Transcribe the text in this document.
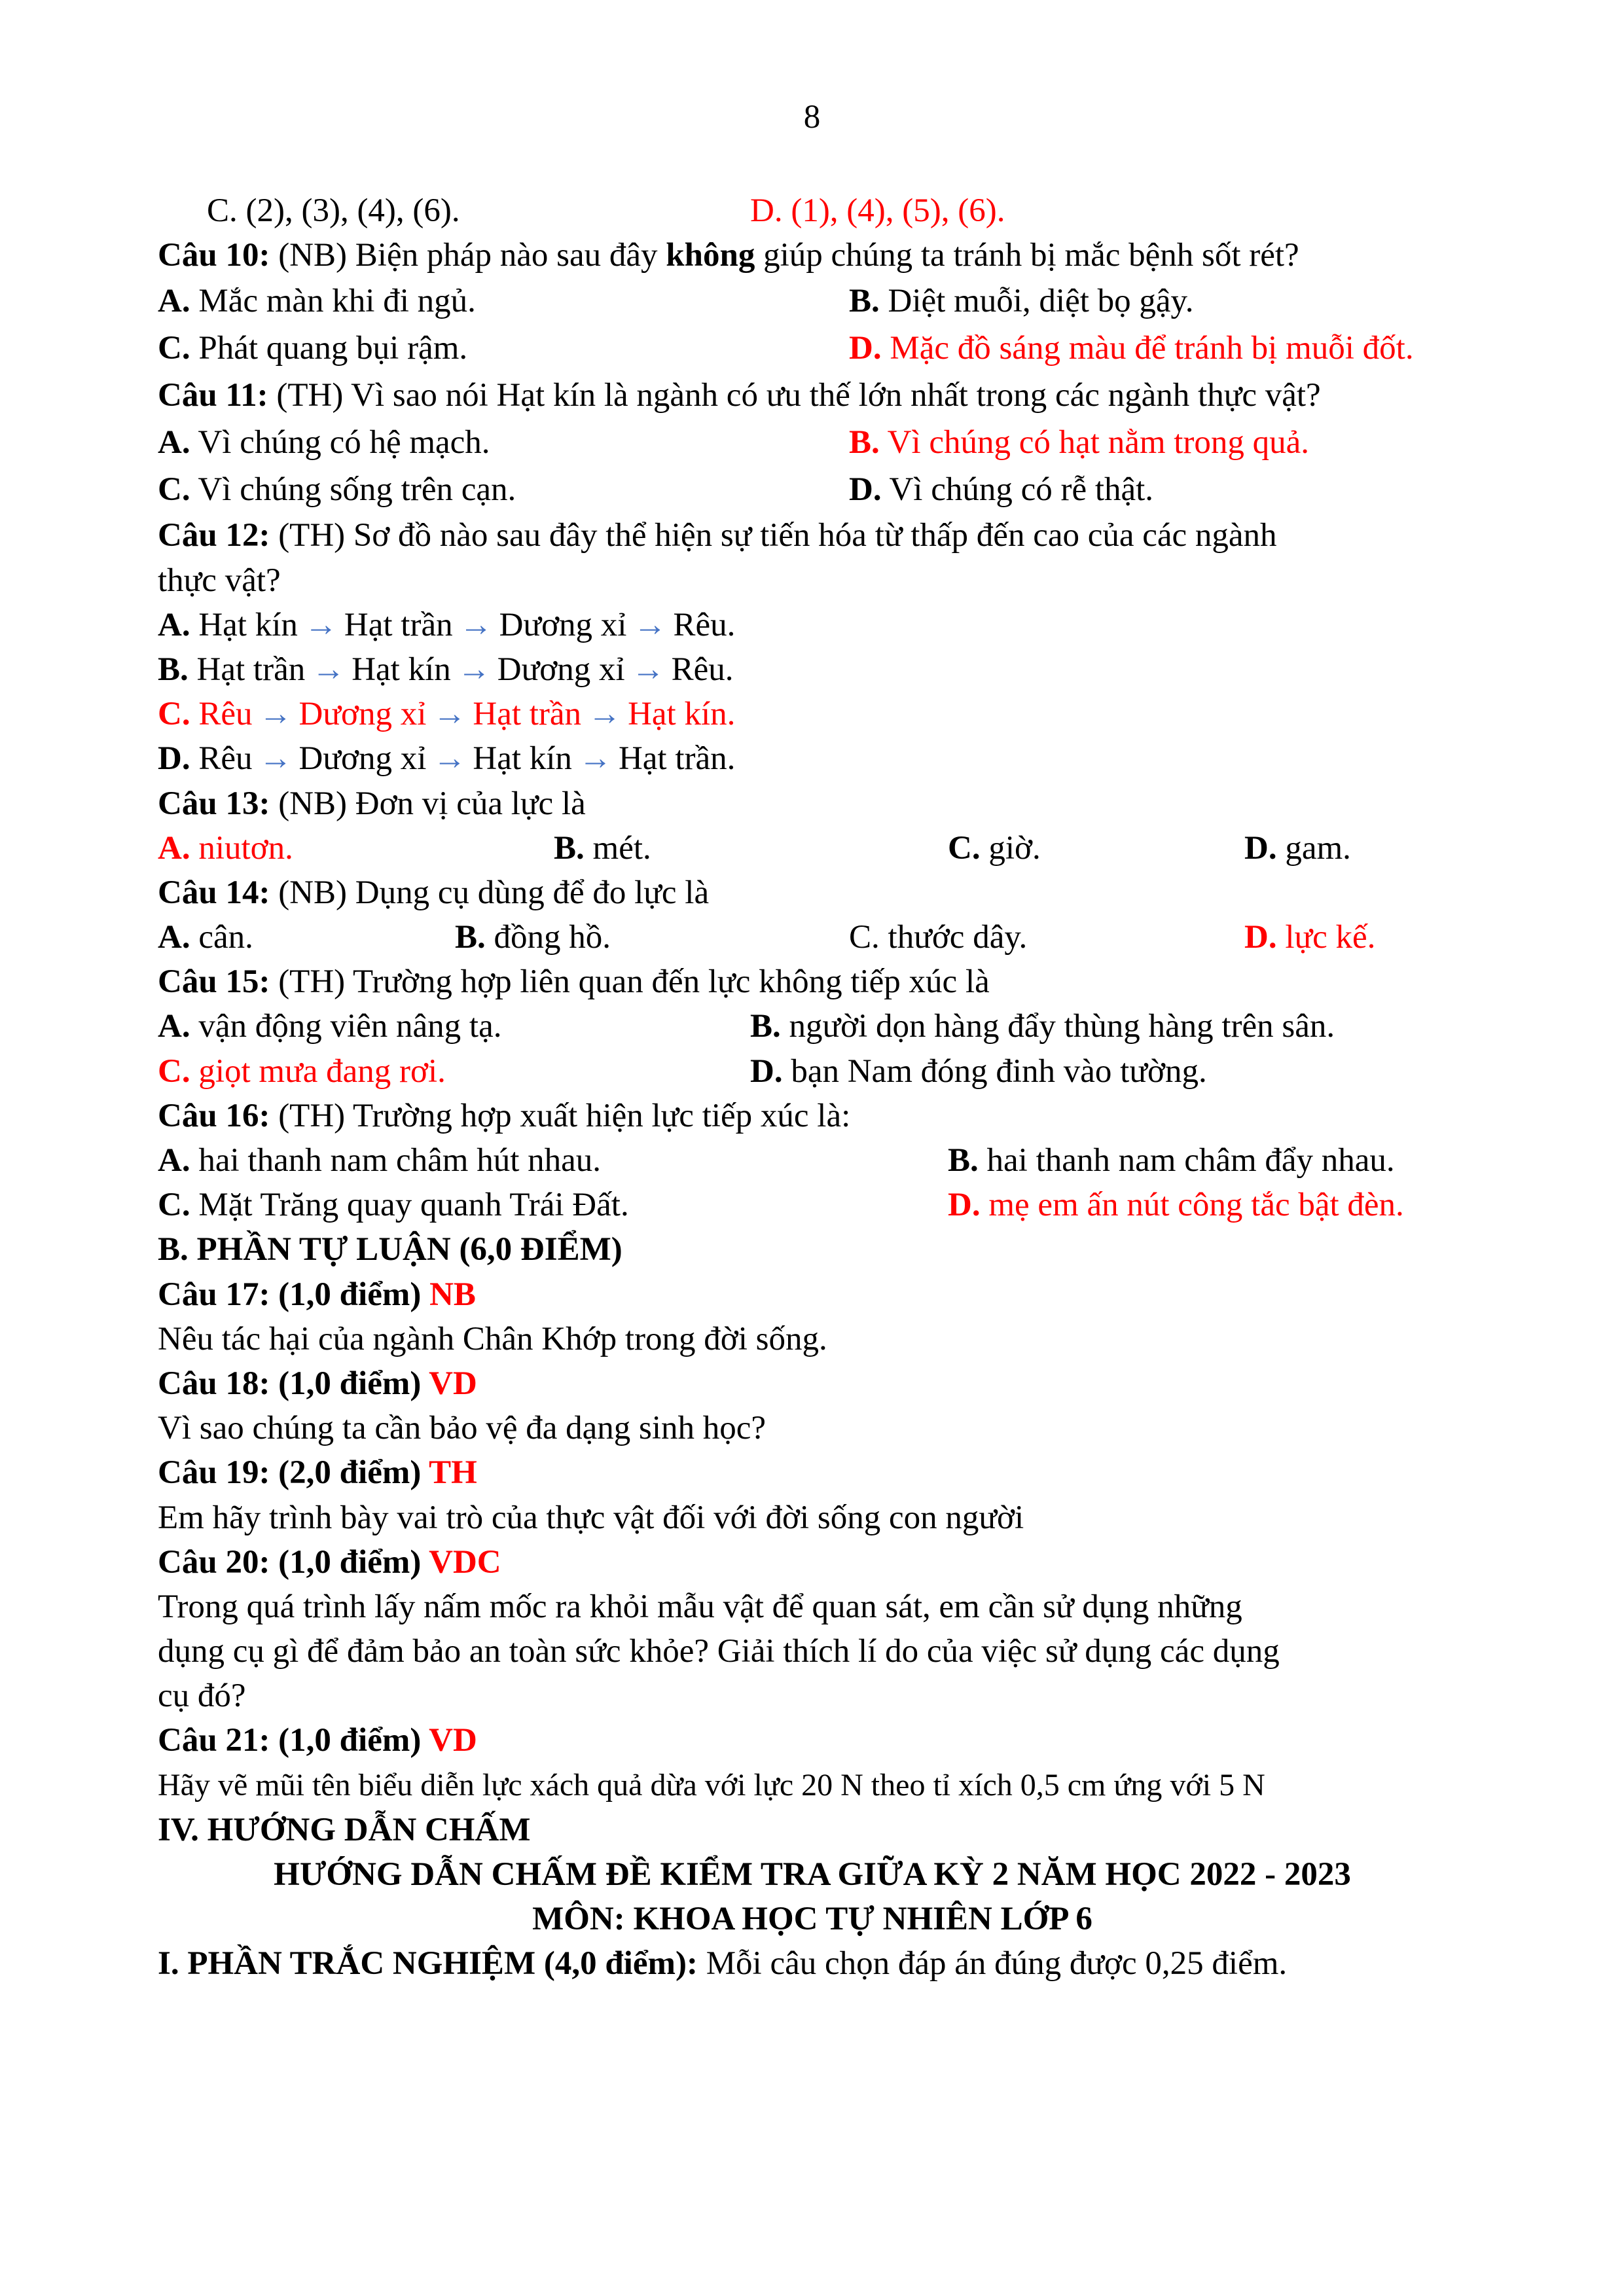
8
C. (2), (3), (4), (6).	D. (1), (4), (5), (6).
Câu 10: (NB) Biện pháp nào sau đây không giúp chúng ta tránh bị mắc bệnh sốt rét?
A. Mắc màn khi đi ngủ.	B. Diệt muỗi, diệt bọ gậy.
C. Phát quang bụi rậm.	D. Mặc đồ sáng màu để tránh bị muỗi đốt.
Câu 11: (TH) Vì sao nói Hạt kín là ngành có ưu thế lớn nhất trong các ngành thực vật?
A. Vì chúng có hệ mạch.	B. Vì chúng có hạt nằm trong quả.
C. Vì chúng sống trên cạn.	D. Vì chúng có rễ thật.
Câu 12: (TH) Sơ đồ nào sau đây thể hiện sự tiến hóa từ thấp đến cao của các ngành
thực vật?
A. Hạt kín → Hạt trần → Dương xỉ → Rêu.
B. Hạt trần → Hạt kín → Dương xỉ → Rêu.
C. Rêu → Dương xỉ → Hạt trần → Hạt kín.
D. Rêu → Dương xỉ → Hạt kín → Hạt trần.
Câu 13: (NB) Đơn vị của lực là
A. niutơn.	B. mét.	C. giờ.	D. gam.
Câu 14: (NB) Dụng cụ dùng để đo lực là
A. cân.	B. đồng hồ.	C. thước dây.	D. lực kế.
Câu 15: (TH) Trường hợp liên quan đến lực không tiếp xúc là
A. vận động viên nâng tạ.	B. người dọn hàng đẩy thùng hàng trên sân.
C. giọt mưa đang rơi.	D. bạn Nam đóng đinh vào tường.
Câu 16: (TH) Trường hợp xuất hiện lực tiếp xúc là:
A. hai thanh nam châm hút nhau.	B. hai thanh nam châm đẩy nhau.
C. Mặt Trăng quay quanh Trái Đất.	D. mẹ em ấn nút công tắc bật đèn.
B. PHẦN TỰ LUẬN (6,0 ĐIỂM)
Câu 17: (1,0 điểm) NB
Nêu tác hại của ngành Chân Khớp trong đời sống.
Câu 18: (1,0 điểm) VD
Vì sao chúng ta cần bảo vệ đa dạng sinh học?
Câu 19: (2,0 điểm) TH
Em hãy trình bày vai trò của thực vật đối với đời sống con người
Câu 20: (1,0 điểm) VDC
Trong quá trình lấy nấm mốc ra khỏi mẫu vật để quan sát, em cần sử dụng những
dụng cụ gì để đảm bảo an toàn sức khỏe? Giải thích lí do của việc sử dụng các dụng
cụ đó?
Câu 21: (1,0 điểm) VD
Hãy vẽ mũi tên biểu diễn lực xách quả dừa với lực 20 N theo tỉ xích 0,5 cm ứng với 5 N
IV. HƯỚNG DẪN CHẤM
HƯỚNG DẪN CHẤM ĐỀ KIỂM TRA GIỮA KỲ 2 NĂM HỌC 2022 - 2023
MÔN: KHOA HỌC TỰ NHIÊN LỚP 6
I. PHẦN TRẮC NGHIỆM (4,0 điểm): Mỗi câu chọn đáp án đúng được 0,25 điểm.
